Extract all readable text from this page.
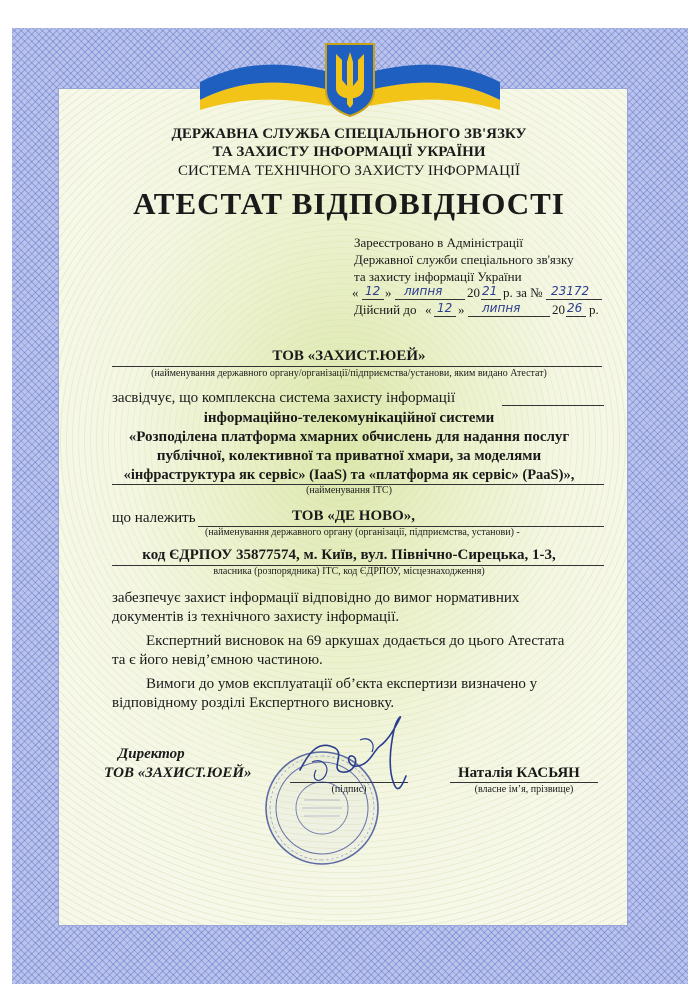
ДЕРЖАВНА СЛУЖБА СПЕЦІАЛЬНОГО ЗВ'ЯЗКУ
ТА ЗАХИСТУ ІНФОРМАЦІЇ УКРАЇНИ
СИСТЕМА ТЕХНІЧНОГО ЗАХИСТУ ІНФОРМАЦІЇ
АТЕСТАТ ВІДПОВІДНОСТІ
Зареєстровано в Адміністрації
Державної служби спеціального зв'язку
та захисту інформації України
« 12 » липня 20 21 р. за № 23172
Дійсний до « 12 » липня 20 26 р.
ТОВ «ЗАХИСТ.ЮЕЙ»
(найменування державного органу/організації/підприємства/установи, яким видано Атестат)
засвідчує, що комплексна система захисту інформації
інформаційно-телекомунікаційної системи
«Розподілена платформа хмарних обчислень для надання послуг
публічної, колективної та приватної хмари, за моделями
«інфраструктура як сервіс» (IaaS) та «платформа як сервіс» (PaaS)»,
(найменування ІТС)
що належить	ТОВ «ДЕ НОВО»,
(найменування державного органу (організації, підприємства, установи) -
код ЄДРПОУ 35877574, м. Київ, вул. Північно-Сирецька, 1-3,
власника (розпорядника) ІТС, код ЄДРПОУ, місцезнаходження)
забезпечує захист інформації відповідно до вимог нормативних
документів із технічного захисту інформації.
Експертний висновок на 69 аркушах додається до цього Атестата
та є його невід’ємною частиною.
Вимоги до умов експлуатації об’єкта експертизи визначено у
відповідному розділі Експертного висновку.
Директор
ТОВ «ЗАХИСТ.ЮЕЙ»	Наталія КАСЬЯН
(власне ім’я, прізвище)
